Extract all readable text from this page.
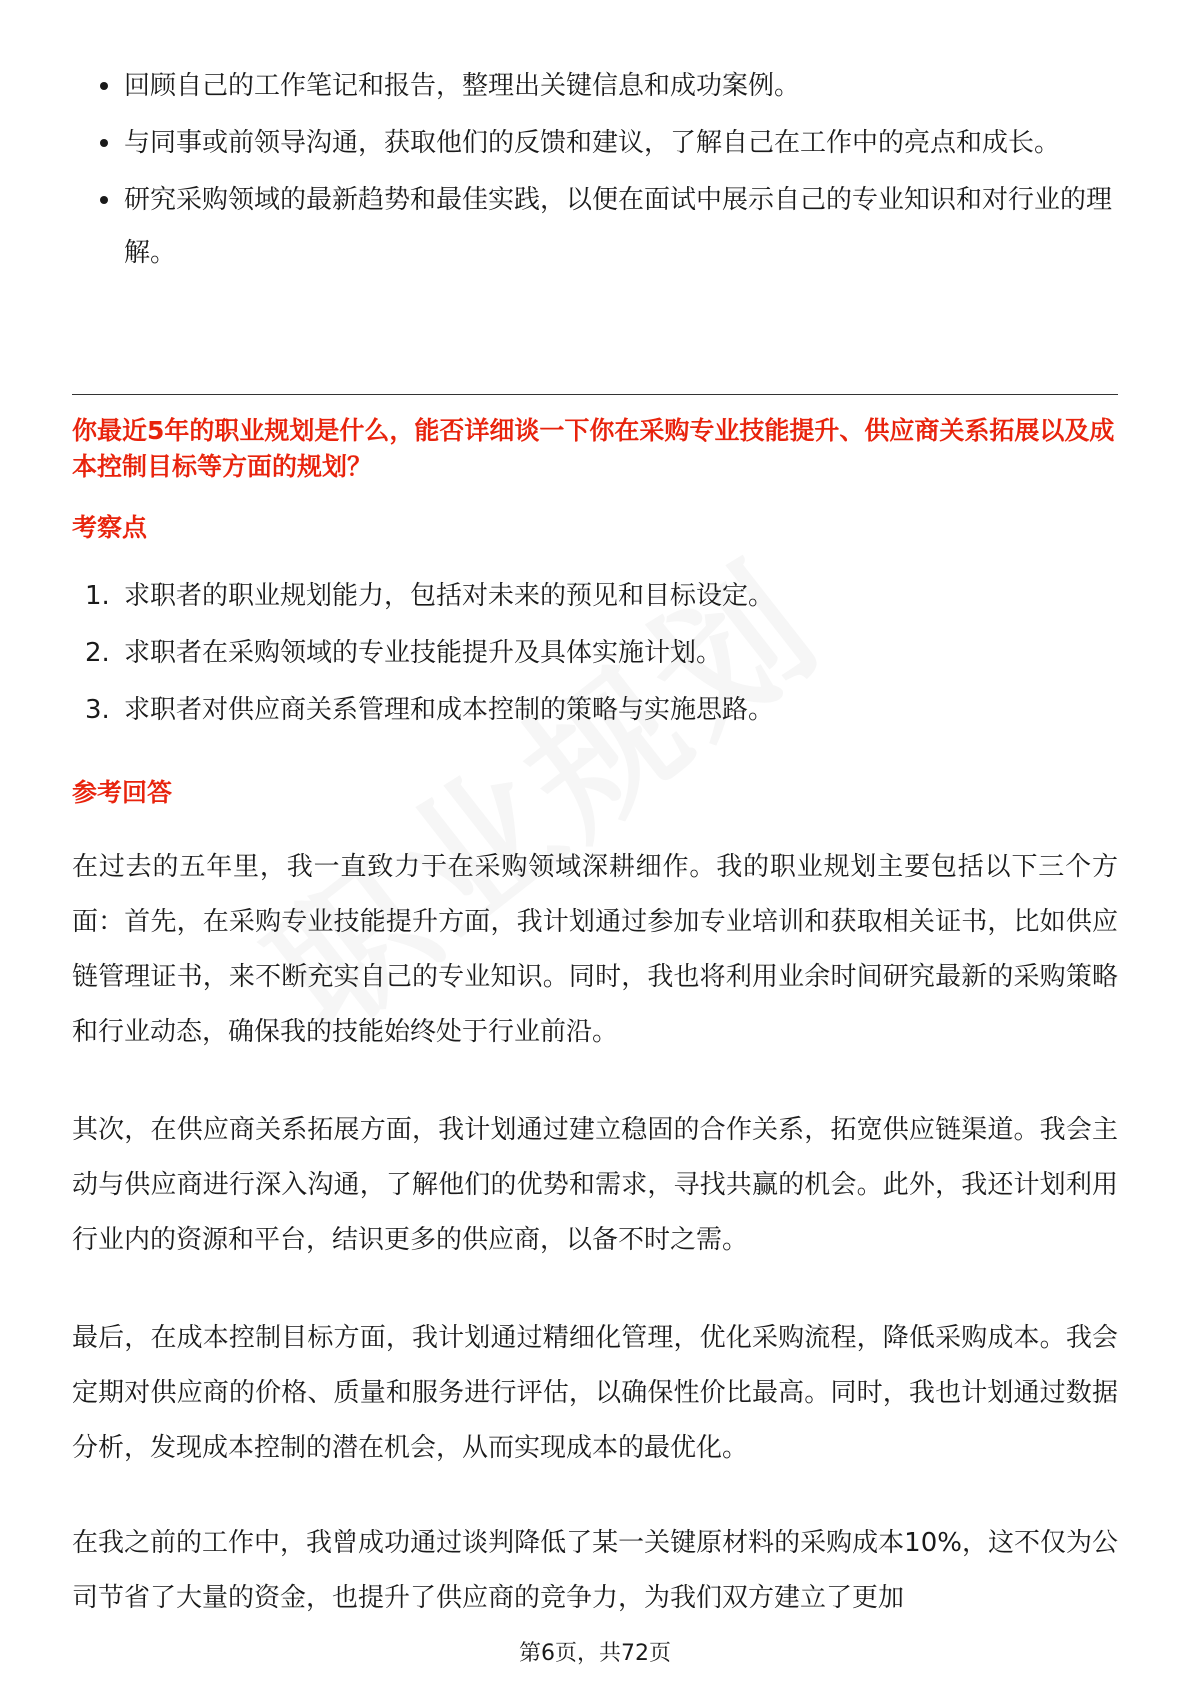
回顾自己的工作笔记和报告，整理出关键信息和成功案例。
与同事或前领导沟通，获取他们的反馈和建议，了解自己在工作中的亮点和成长。
研究采购领域的最新趋势和最佳实践，以便在面试中展示自己的专业知识和对行业的理解。
你最近5年的职业规划是什么，能否详细谈一下你在采购专业技能提升、供应商关系拓展以及成本控制目标等方面的规划？
考察点
1. 求职者的职业规划能力，包括对未来的预见和目标设定。
2. 求职者在采购领域的专业技能提升及具体实施计划。
3. 求职者对供应商关系管理和成本控制的策略与实施思路。
参考回答

在过去的五年里，我一直致力于在采购领域深耕细作。我的职业规划主要包括以下三个方面：首先，在采购专业技能提升方面，我计划通过参加专业培训和获取相关证书，比如供应链管理证书，来不断充实自己的专业知识。同时，我也将利用业余时间研究最新的采购策略和行业动态，确保我的技能始终处于行业前沿。

其次，在供应商关系拓展方面，我计划通过建立稳固的合作关系，拓宽供应链渠道。我会主动与供应商进行深入沟通，了解他们的优势和需求，寻找共赢的机会。此外，我还计划利用行业内的资源和平台，结识更多的供应商，以备不时之需。

最后，在成本控制目标方面，我计划通过精细化管理，优化采购流程，降低采购成本。我会定期对供应商的价格、质量和服务进行评估，以确保性价比最高。同时，我也计划通过数据分析，发现成本控制的潜在机会，从而实现成本的最优化。

在我之前的工作中，我曾成功通过谈判降低了某一关键原材料的采购成本10%，这不仅为公司节省了大量的资金，也提升了供应商的竞争力，为我们双方建立了更加

第6页，共72页
